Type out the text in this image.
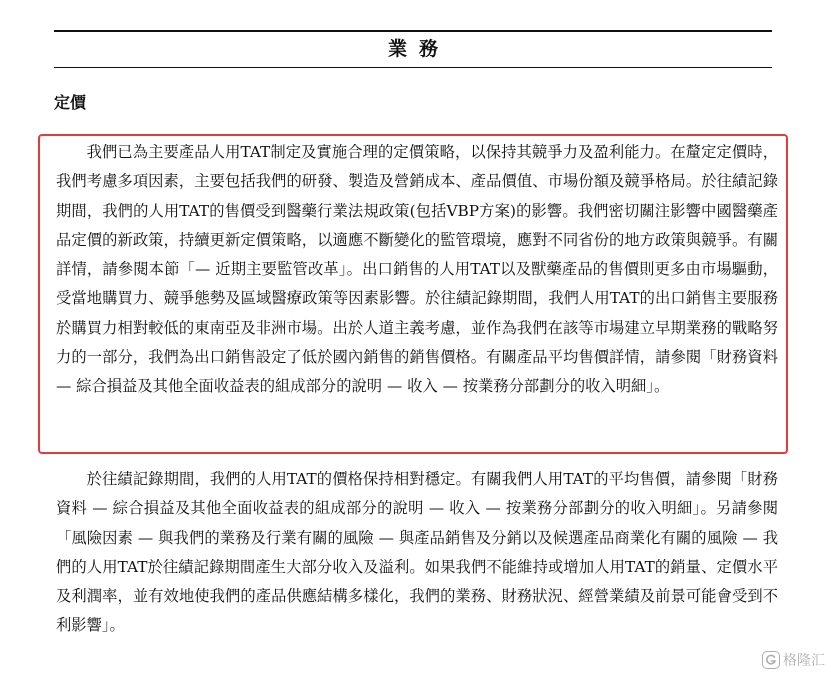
業務
定價

我們已為主要產品人用TAT制定及實施合理的定價策略，以保持其競爭力及盈利能力。在釐定定價時，我們考慮多項因素，主要包括我們的研發、製造及營銷成本、產品價值、市場份額及競爭格局。於往績記錄期間，我們的人用TAT的售價受到醫藥行業法規政策(包括VBP方案)的影響。我們密切關注影響中國醫藥產品定價的新政策，持續更新定價策略，以適應不斷變化的監管環境，應對不同省份的地方政策與競爭。有關詳情，請參閱本節「— 近期主要監管改革」。出口銷售的人用TAT以及獸藥產品的售價則更多由市場驅動，受當地購買力、競爭態勢及區域醫療政策等因素影響。於往績記錄期間，我們人用TAT的出口銷售主要服務於購買力相對較低的東南亞及非洲市場。出於人道主義考慮，並作為我們在該等市場建立早期業務的戰略努力的一部分，我們為出口銷售設定了低於國內銷售的銷售價格。有關產品平均售價詳情，請參閱「財務資料 — 綜合損益及其他全面收益表的組成部分的說明 — 收入 — 按業務分部劃分的收入明細」。

於往績記錄期間，我們的人用TAT的價格保持相對穩定。有關我們人用TAT的平均售價，請參閱「財務資料 — 綜合損益及其他全面收益表的組成部分的說明 — 收入 — 按業務分部劃分的收入明細」。另請參閱「風險因素 — 與我們的業務及行業有關的風險 — 與產品銷售及分銷以及候選產品商業化有關的風險 — 我們的人用TAT於往績記錄期間產生大部分收入及溢利。如果我們不能維持或增加人用TAT的銷量、定價水平及利潤率，並有效地使我們的產品供應結構多樣化，我們的業務、財務狀況、經營業績及前景可能會受到不利影響」。

格隆汇
